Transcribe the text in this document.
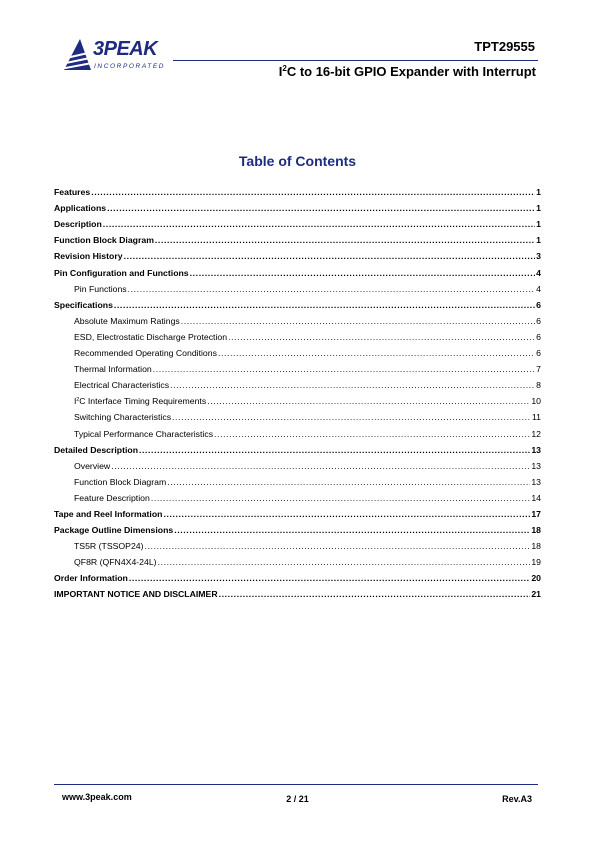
3PEAK
INCORPORATED
TPT29555
$I^2C$ to 16-bit GPIO Expander with Interrupt
Table of Contents
Features .....	1
Applications .....	1
Description .....	1
Function Block Diagram .....	1
Revision History .....	3
Pin Configuration and Functions .....	4
Pin Functions .....	4
Specifications .....	6
Absolute Maximum Ratings .....	6
ESD, Electrostatic Discharge Protection .....	6
Recommended Operating Conditions .....	6
Thermal Information .....	7
Electrical Characteristics .....	8
$I^2C$ Interface Timing Requirements .....	10
Switching Characteristics .....	11
Typical Performance Characteristics .....	12
Detailed Description .....	13
Overview .....	13
Function Block Diagram .....	13
Feature Description .....	14
Tape and Reel Information .....	17
Package Outline Dimensions .....	18
TS5R (TSSOP24) .....	18
QF8R (QFN4X4-24L) .....	19
Order Information .....	20
IMPORTANT NOTICE AND DISCLAIMER .....	21
www.3peak.com	2 / 21	Rev.A3
